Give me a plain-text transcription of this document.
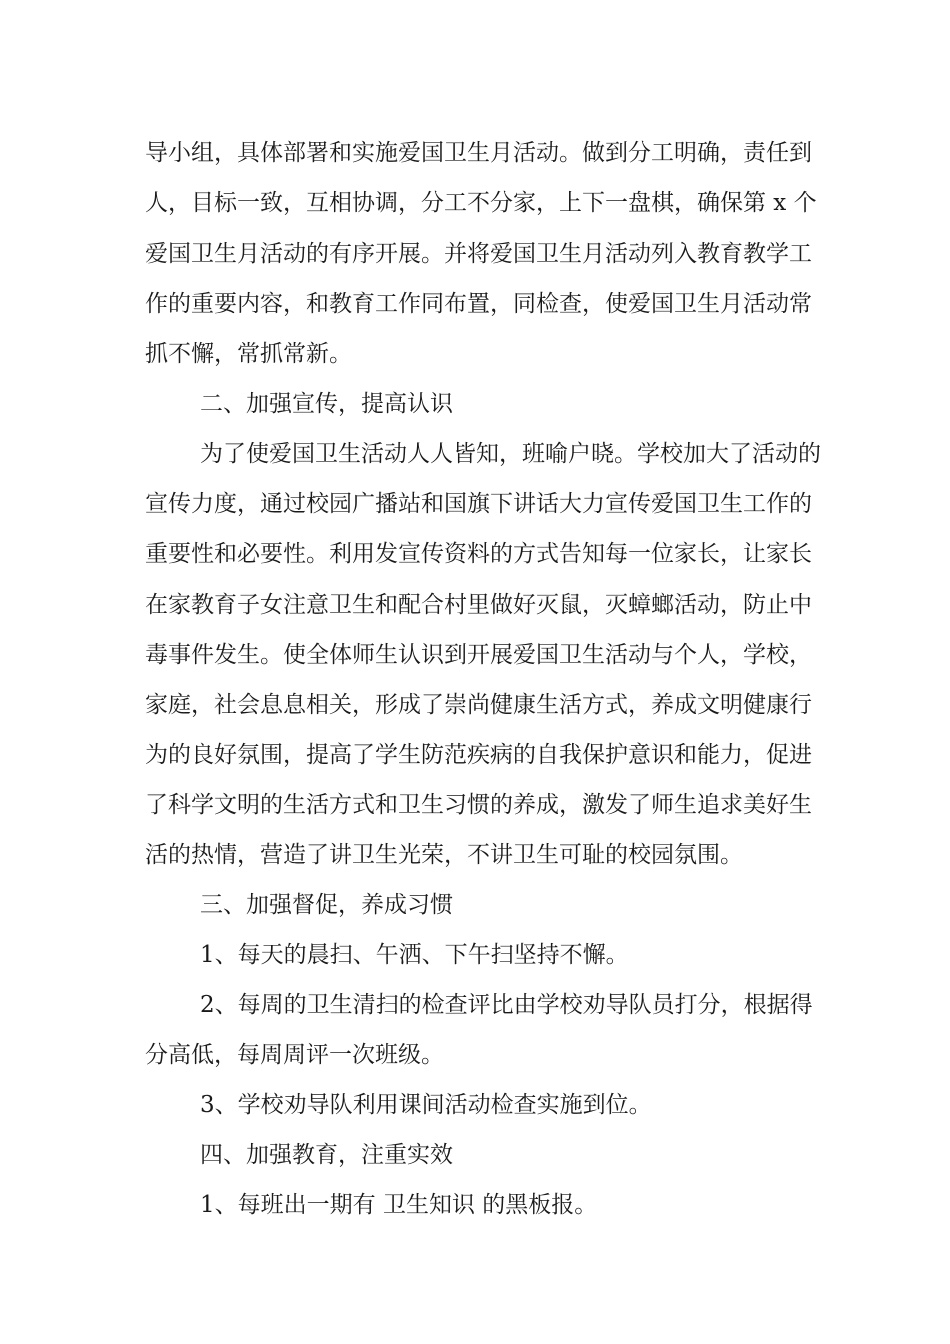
导小组，具体部署和实施爱国卫生月活动。做到分工明确，责任到
人，目标一致，互相协调，分工不分家，上下一盘棋，确保第 x 个
爱国卫生月活动的有序开展。并将爱国卫生月活动列入教育教学工
作的重要内容，和教育工作同布置，同检查，使爱国卫生月活动常
抓不懈，常抓常新。
二、加强宣传，提高认识
为了使爱国卫生活动人人皆知，班喻户晓。学校加大了活动的
宣传力度，通过校园广播站和国旗下讲话大力宣传爱国卫生工作的
重要性和必要性。利用发宣传资料的方式告知每一位家长，让家长
在家教育子女注意卫生和配合村里做好灭鼠，灭蟑螂活动，防止中
毒事件发生。使全体师生认识到开展爱国卫生活动与个人，学校，
家庭，社会息息相关，形成了崇尚健康生活方式，养成文明健康行
为的良好氛围，提高了学生防范疾病的自我保护意识和能力，促进
了科学文明的生活方式和卫生习惯的养成，激发了师生追求美好生
活的热情，营造了讲卫生光荣，不讲卫生可耻的校园氛围。
三、加强督促，养成习惯
1、每天的晨扫、午洒、下午扫坚持不懈。
2、每周的卫生清扫的检查评比由学校劝导队员打分，根据得
分高低，每周周评一次班级。
3、学校劝导队利用课间活动检查实施到位。
四、加强教育，注重实效
1、每班出一期有 卫生知识 的黑板报。
